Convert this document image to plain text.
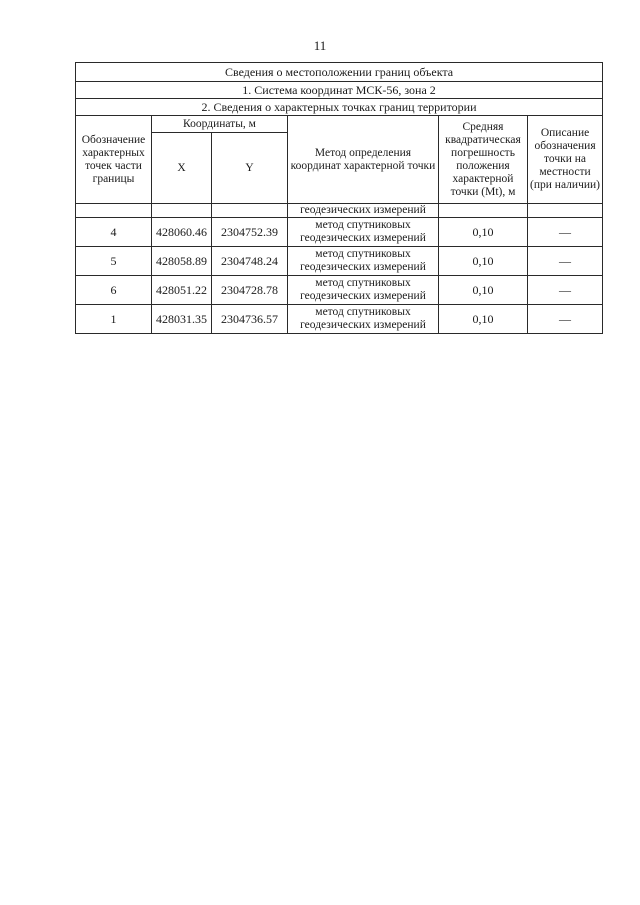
11
Сведения о местоположении границ объекта					
1. Система координат МСК-56, зона 2					
2. Сведения о характерных точках границ территории					
Обозначение характерных точек части границы	Координаты, м		Метод определения координат характерной точки	Средняя квадратическая погрешность положения характерной точки (Mt), м	Описание обозначения точки на местности (при наличии)
	X	Y			
			геодезических измерений		
4	428060.46	2304752.39	метод спутниковых геодезических измерений	0,10	—
5	428058.89	2304748.24	метод спутниковых геодезических измерений	0,10	—
6	428051.22	2304728.78	метод спутниковых геодезических измерений	0,10	—
1	428031.35	2304736.57	метод спутниковых геодезических измерений	0,10	—
